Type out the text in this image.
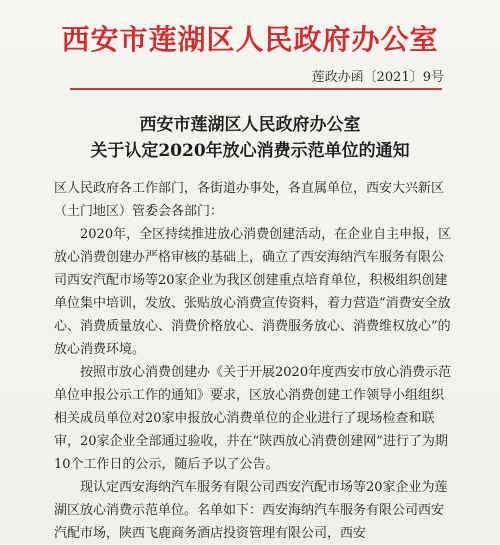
西安市莲湖区人民政府办公室
莲政办函〔2021〕9号
西安市莲湖区人民政府办公室
关于认定2020年放心消费示范单位的通知

区人民政府各工作部门，各街道办事处，各直属单位，西安大兴新区（土门地区）管委会各部门：

2020年，全区持续推进放心消费创建活动，在企业自主申报，区放心消费创建办严格审核的基础上，确立了西安海纳汽车服务有限公司西安汽配市场等20家企业为我区创建重点培育单位，积极组织创建单位集中培训，发放、张贴放心消费宣传资料，着力营造“消费安全放心、消费质量放心、消费价格放心、消费服务放心、消费维权放心”的放心消费环境。

按照市放心消费创建办《关于开展2020年度西安市放心消费示范单位申报公示工作的通知》要求，区放心消费创建工作领导小组组织相关成员单位对20家申报放心消费单位的企业进行了现场检查和联审，20家企业全部通过验收，并在“陕西放心消费创建网”进行了为期10个工作日的公示，随后予以了公告。

现认定西安海纳汽车服务有限公司西安汽配市场等20家企业为莲湖区放心消费示范单位。名单如下：西安海纳汽车服务有限公司西安汽配市场，陕西飞鹿商务酒店投资管理有限公司，西安
